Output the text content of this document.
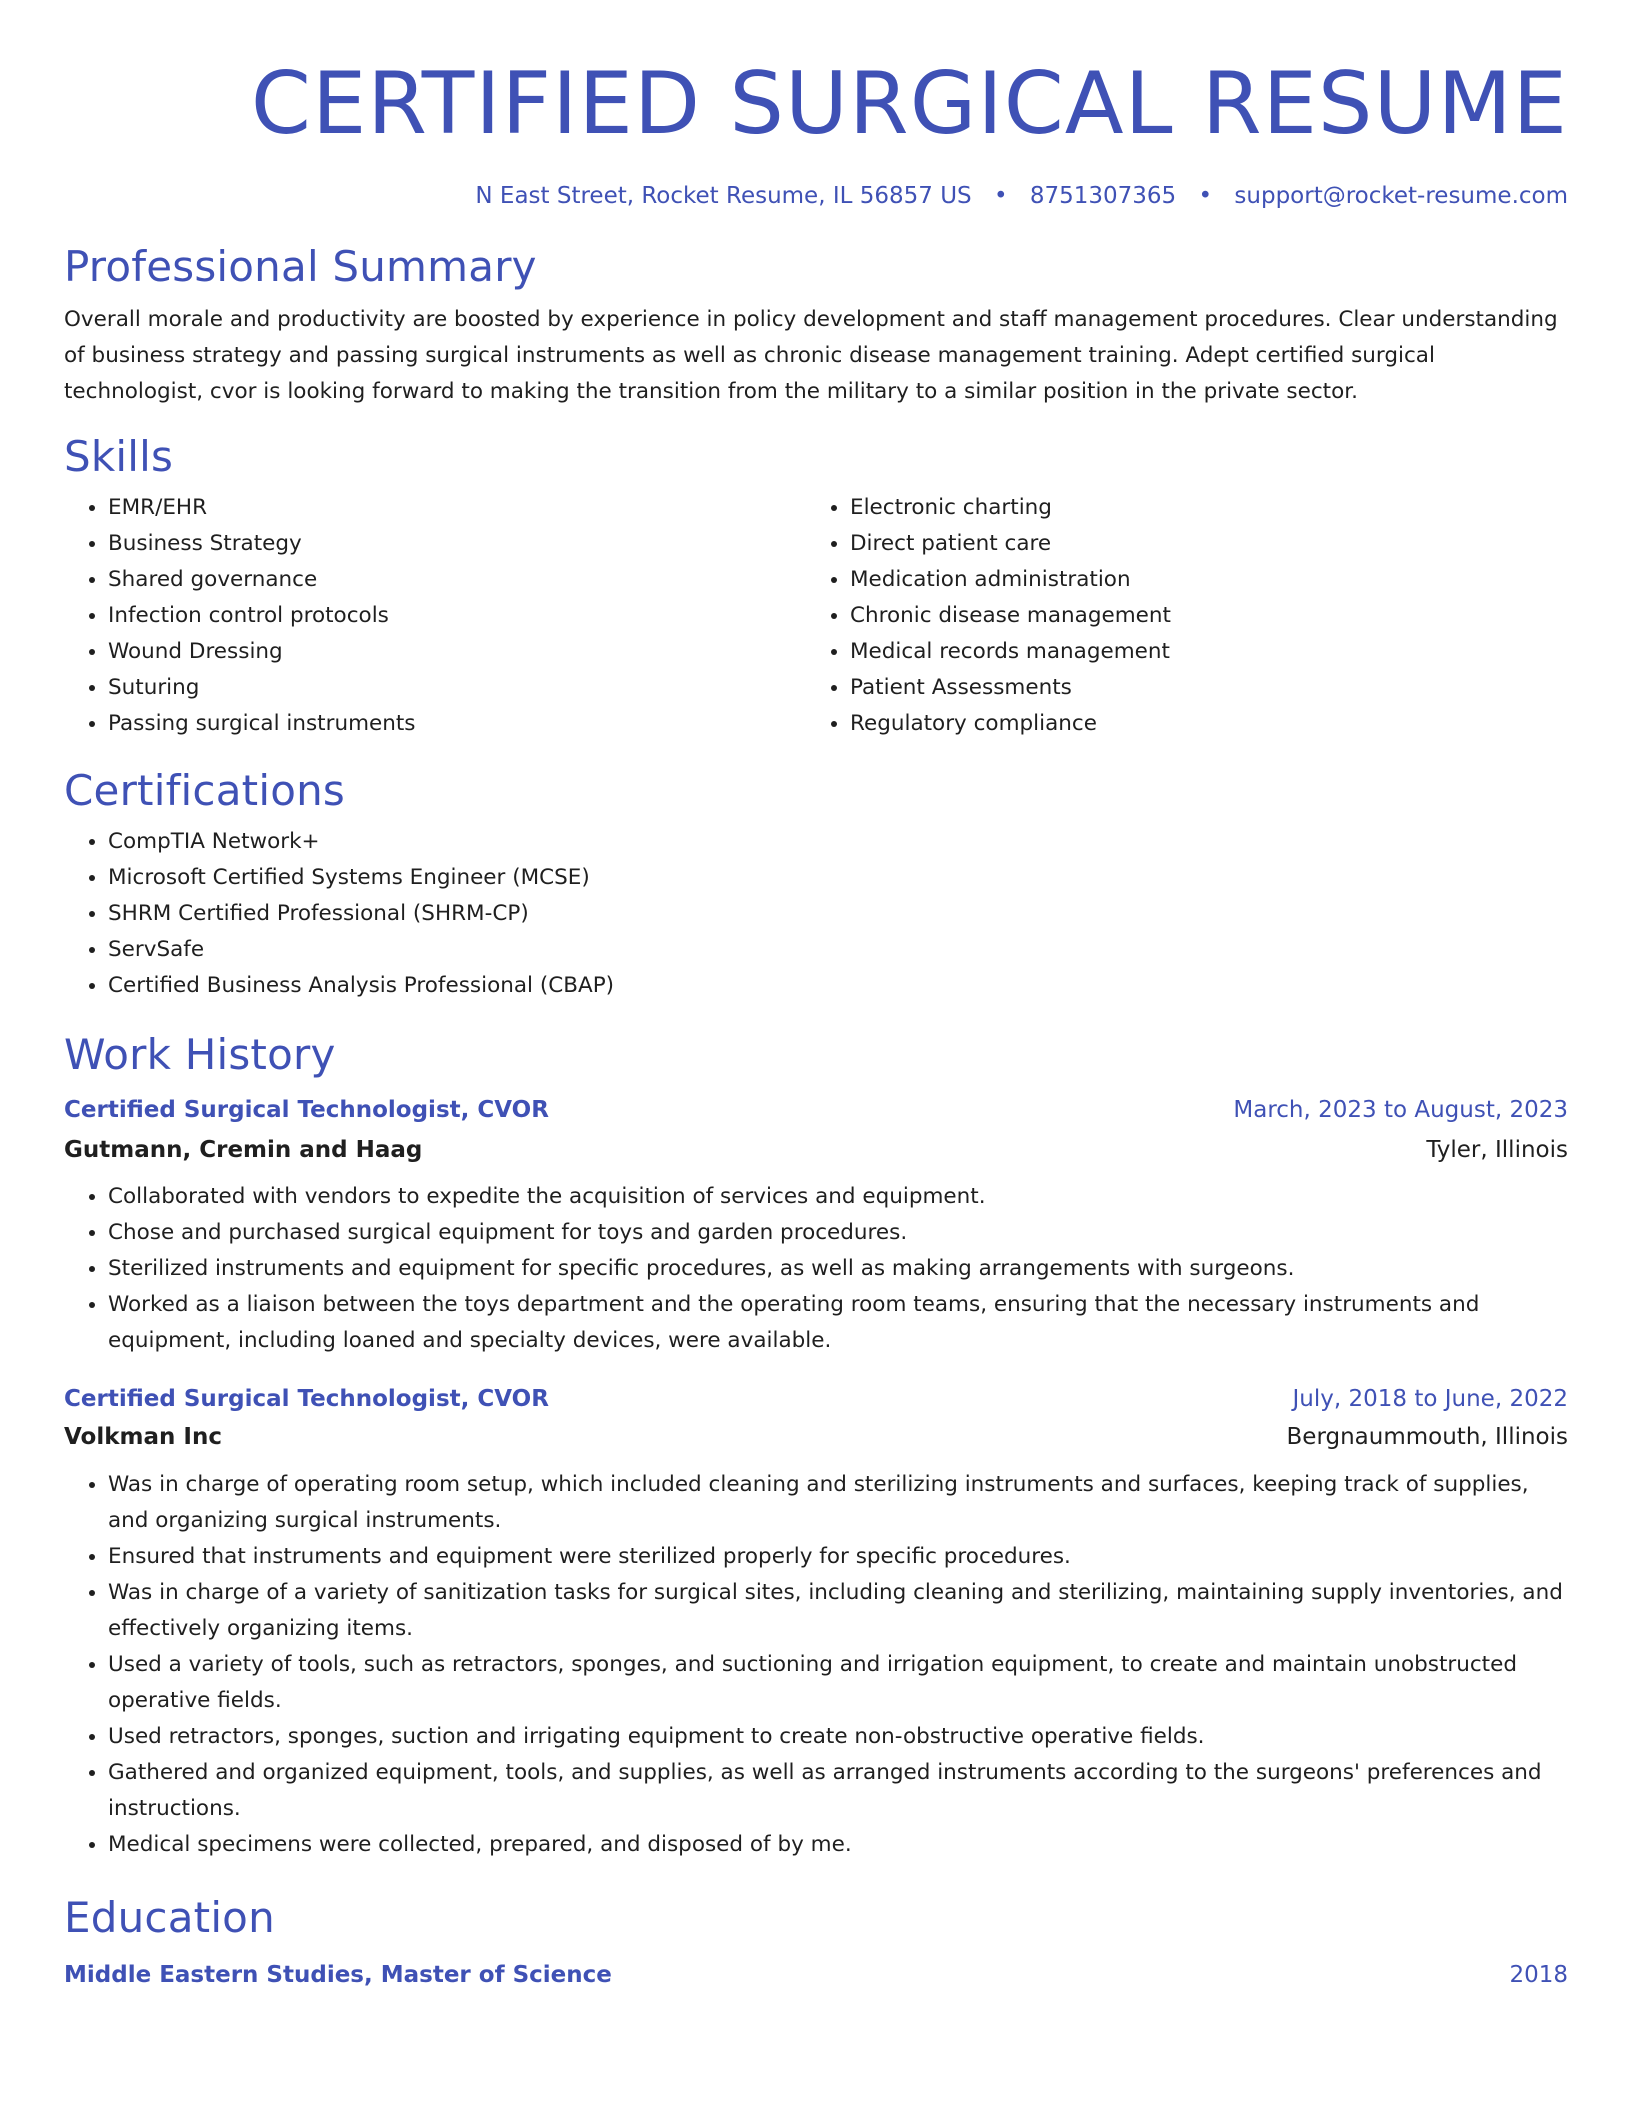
CERTIFIED SURGICAL RESUME
N East Street, Rocket Resume, IL 56857 US • 8751307365 • support@rocket-resume.com
Professional Summary

Overall morale and productivity are boosted by experience in policy development and staff management procedures. Clear understanding of business strategy and passing surgical instruments as well as chronic disease management training. Adept certified surgical technologist, cvor is looking forward to making the transition from the military to a similar position in the private sector.

Skills
• EMR/EHR
• Business Strategy
• Shared governance
• Infection control protocols
• Wound Dressing
• Suturing
• Passing surgical instruments
• Electronic charting
• Direct patient care
• Medication administration
• Chronic disease management
• Medical records management
• Patient Assessments
• Regulatory compliance
Certifications
• CompTIA Network+
• Microsoft Certified Systems Engineer (MCSE)
• SHRM Certified Professional (SHRM-CP)
• ServSafe
• Certified Business Analysis Professional (CBAP)
Work History
Certified Surgical Technologist, CVOR	March, 2023 to August, 2023
Gutmann, Cremin and Haag	Tyler, Illinois
• Collaborated with vendors to expedite the acquisition of services and equipment.
• Chose and purchased surgical equipment for toys and garden procedures.
• Sterilized instruments and equipment for specific procedures, as well as making arrangements with surgeons.
• Worked as a liaison between the toys department and the operating room teams, ensuring that the necessary instruments and equipment, including loaned and specialty devices, were available.
Certified Surgical Technologist, CVOR	July, 2018 to June, 2022
Volkman Inc	Bergnaummouth, Illinois
• Was in charge of operating room setup, which included cleaning and sterilizing instruments and surfaces, keeping track of supplies, and organizing surgical instruments.
• Ensured that instruments and equipment were sterilized properly for specific procedures.
• Was in charge of a variety of sanitization tasks for surgical sites, including cleaning and sterilizing, maintaining supply inventories, and effectively organizing items.
• Used a variety of tools, such as retractors, sponges, and suctioning and irrigation equipment, to create and maintain unobstructed operative fields.
• Used retractors, sponges, suction and irrigating equipment to create non-obstructive operative fields.
• Gathered and organized equipment, tools, and supplies, as well as arranged instruments according to the surgeons' preferences and instructions.
• Medical specimens were collected, prepared, and disposed of by me.
Education
Middle Eastern Studies, Master of Science	2018
